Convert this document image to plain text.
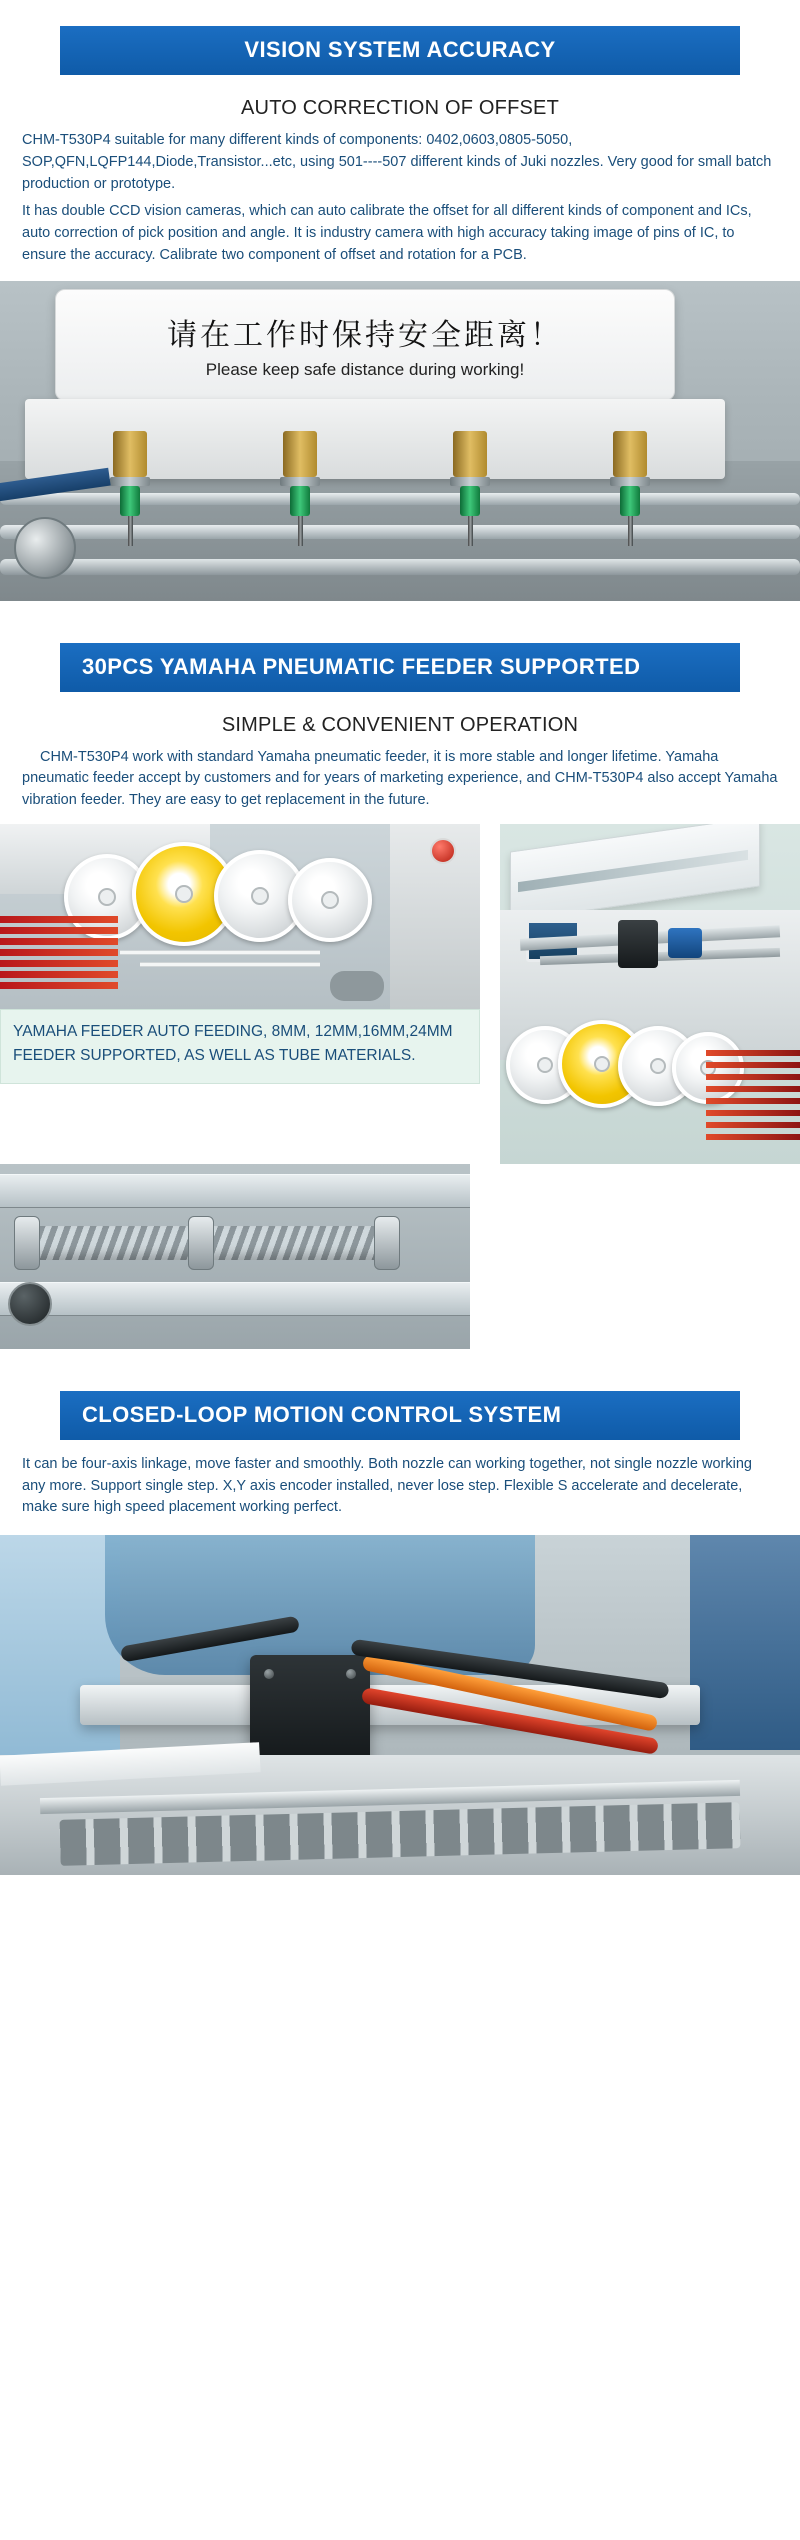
VISION SYSTEM ACCURACY
AUTO CORRECTION OF OFFSET

CHM-T530P4 suitable for many different kinds of components: 0402,0603,0805-5050, SOP,QFN,LQFP144,Diode,Transistor...etc, using 501----507 different kinds of Juki nozzles. Very good for small batch production or prototype.

It has double CCD vision cameras, which can auto calibrate the offset for all different kinds of component and ICs, auto correction of pick position and angle. It is industry camera with high accuracy taking image of pins of IC, to ensure the accuracy. Calibrate two component of offset and rotation for a PCB.

请在工作时保持安全距离！
Please keep safe distance during working!
30PCS YAMAHA PNEUMATIC FEEDER SUPPORTED
SIMPLE & CONVENIENT OPERATION

CHM-T530P4 work with standard Yamaha pneumatic feeder, it is more stable and longer lifetime. Yamaha pneumatic feeder accept by customers and for years of marketing experience, and CHM-T530P4 also accept Yamaha vibration feeder. They are easy to get replacement in the future.

YAMAHA FEEDER AUTO FEEDING, 8MM, 12MM,16MM,24MM FEEDER SUPPORTED, AS WELL AS TUBE MATERIALS.
CLOSED-LOOP MOTION CONTROL SYSTEM

It can be four-axis linkage, move faster and smoothly. Both nozzle can working together, not single nozzle working any more. Support single step. X,Y axis encoder installed, never lose step. Flexible S accelerate and decelerate, make sure high speed placement working perfect.
